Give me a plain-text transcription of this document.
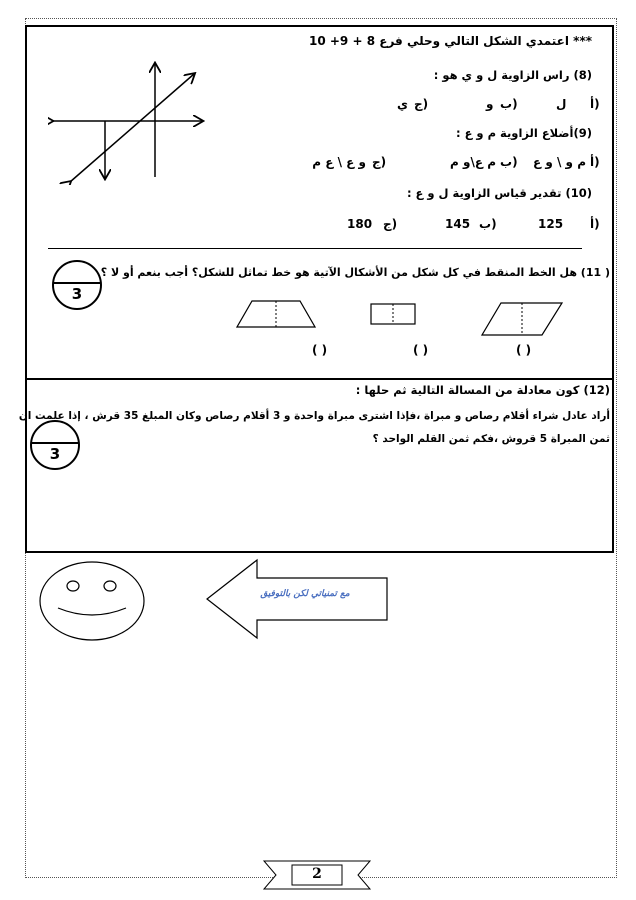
*** اعتمدي الشكل التالي وحلي فرع 8 + 9+ 10
(8) راس الزاوية ل و ي هو :
أ)
ل
ب)
و
ج)
ي
(9)أضلاع الزاوية م و ع :
أ)
م و \ و ع
ب)
م ع\و م
ج)
و ع \ ع م
(10) تقدير قياس الزاوية ل و ع :
أ)
125
ب)
145
ج)
180
( 11) هل الخط المنقط في كل شكل من الأشكال الآتية هو خط تماثل للشكل؟ أجب بنعم أو لا ؟
3
( )	( )	( )
(12) كون معادلة من المسالة التالية ثم حلها :
أراد عادل شراء أقلام رصاص و مبراة ،فإذا اشترى مبراة واحدة و 3 أقلام رصاص وكان المبلغ 35 قرش ، إذا علمت ان
ثمن المبراة 5 قروش ،فكم ثمن القلم الواحد ؟
3
مع تمنياتي لكن بالتوفيق
2
